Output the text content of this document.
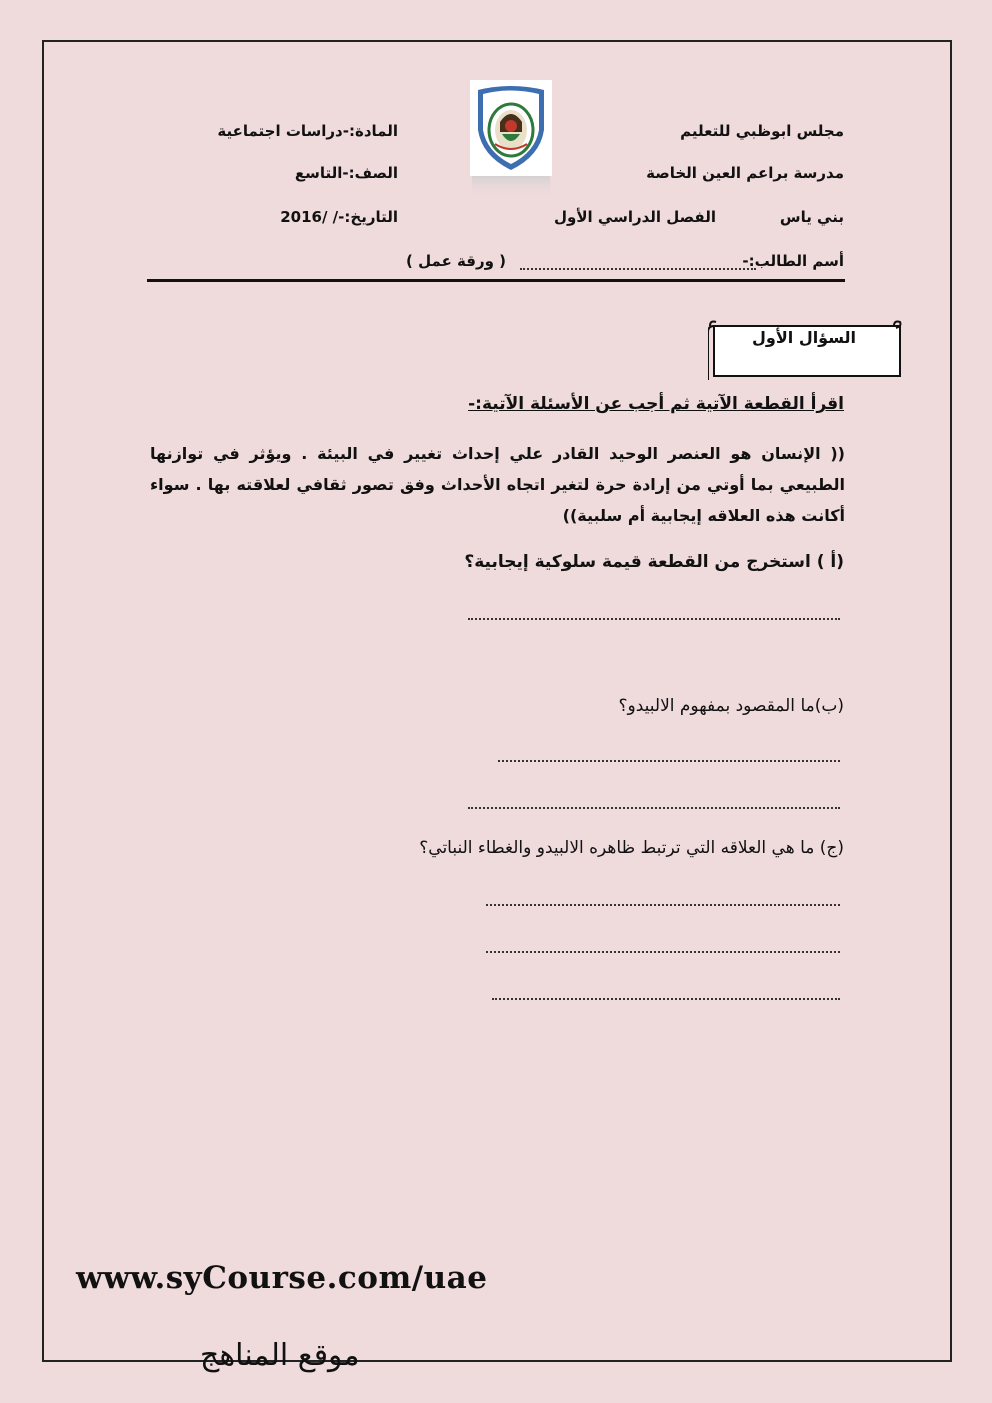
مجلس ابوظبي للتعليم
مدرسة براعم العين الخاصة
بني ياس
الفصل الدراسي الأول
أسم الطالب:-
( ورقة عمل )
المادة:-دراسات اجتماعية
الصف:-التاسع
التاريخ:-/ /2016
السؤال الأول
اقرأ القطعة الآتية ثم أجب عن الأسئلة الآتية:-
(( الإنسان هو العنصر الوحيد القادر علي إحداث تغيير في البيئة . ويؤثر في توازنها الطبيعي بما أوتي من إرادة حرة لتغير اتجاه الأحداث وفق تصور ثقافي لعلاقته بها . سواء أكانت هذه العلاقه إيجابية أم سلبية))
(أ ) استخرج من القطعة قيمة سلوكية إيجابية؟
(ب)ما المقصود بمفهوم الالبيدو؟
(ج) ما هي العلاقه التي ترتبط ظاهره الالبيدو والغطاء النباتي؟
www.syCourse.com/uae
موقع المناهج
